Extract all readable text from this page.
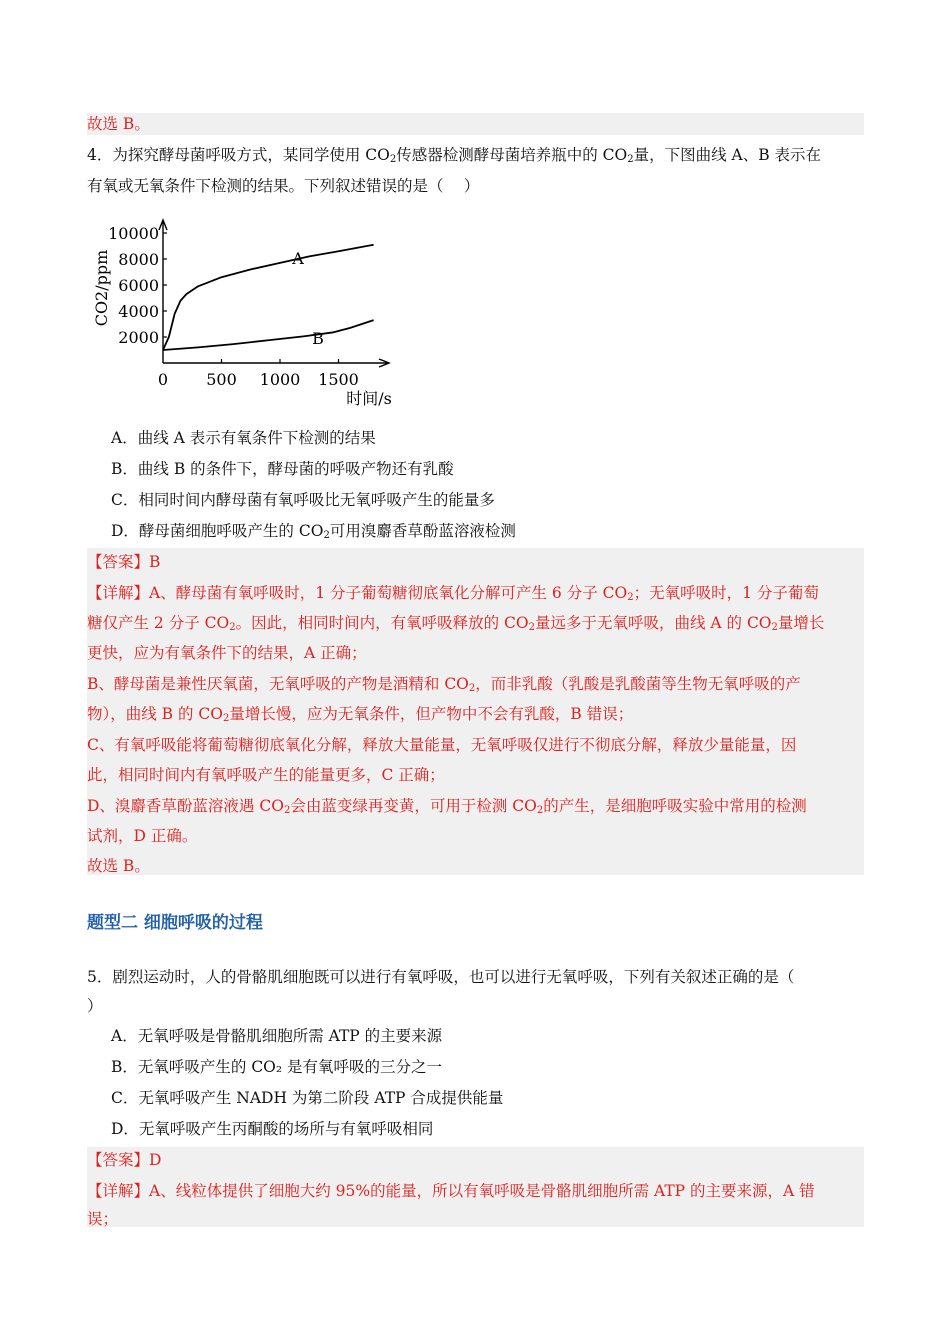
故选 B。
4．为探究酵母菌呼吸方式，某同学使用 $CO_2$传感器检测酵母菌培养瓶中的 $CO_2$量，下图曲线 A、B 表示在
有氧或无氧条件下检测的结果。下列叙述错误的是（　 ）
2000
4000
6000
8000
10000
0 500 1000 1500
CO2/ppm
时间/s
A
B
A．曲线 A 表示有氧条件下检测的结果
B．曲线 B 的条件下，酵母菌的呼吸产物还有乳酸
C．相同时间内酵母菌有氧呼吸比无氧呼吸产生的能量多
D．酵母菌细胞呼吸产生的 $CO_2$可用溴麝香草酚蓝溶液检测
【答案】B
【详解】A、酵母菌有氧呼吸时，1 分子葡萄糖彻底氧化分解可产生 6 分子 $CO_2$；无氧呼吸时，1 分子葡萄
糖仅产生 2 分子 $CO_2$。因此，相同时间内，有氧呼吸释放的 $CO_2$量远多于无氧呼吸，曲线 A 的 $CO_2$量增长
更快，应为有氧条件下的结果，A 正确；
B、酵母菌是兼性厌氧菌，无氧呼吸的产物是酒精和 $CO_2$，而非乳酸（乳酸是乳酸菌等生物无氧呼吸的产
物），曲线 B 的 $CO_2$量增长慢，应为无氧条件，但产物中不会有乳酸，B 错误；
C、有氧呼吸能将葡萄糖彻底氧化分解，释放大量能量，无氧呼吸仅进行不彻底分解，释放少量能量，因
此，相同时间内有氧呼吸产生的能量更多，C 正确；
D、溴麝香草酚蓝溶液遇 $CO_2$会由蓝变绿再变黄，可用于检测 $CO_2$的产生，是细胞呼吸实验中常用的检测
试剂，D 正确。
故选 B。
题型二 细胞呼吸的过程
5．剧烈运动时，人的骨骼肌细胞既可以进行有氧呼吸，也可以进行无氧呼吸，下列有关叙述正确的是（
）
A．无氧呼吸是骨骼肌细胞所需 ATP 的主要来源
B．无氧呼吸产生的 CO₂ 是有氧呼吸的三分之一
C．无氧呼吸产生 NADH 为第二阶段 ATP 合成提供能量
D．无氧呼吸产生丙酮酸的场所与有氧呼吸相同
【答案】D
【详解】A、线粒体提供了细胞大约 95%的能量，所以有氧呼吸是骨骼肌细胞所需 ATP 的主要来源，A 错
误；
